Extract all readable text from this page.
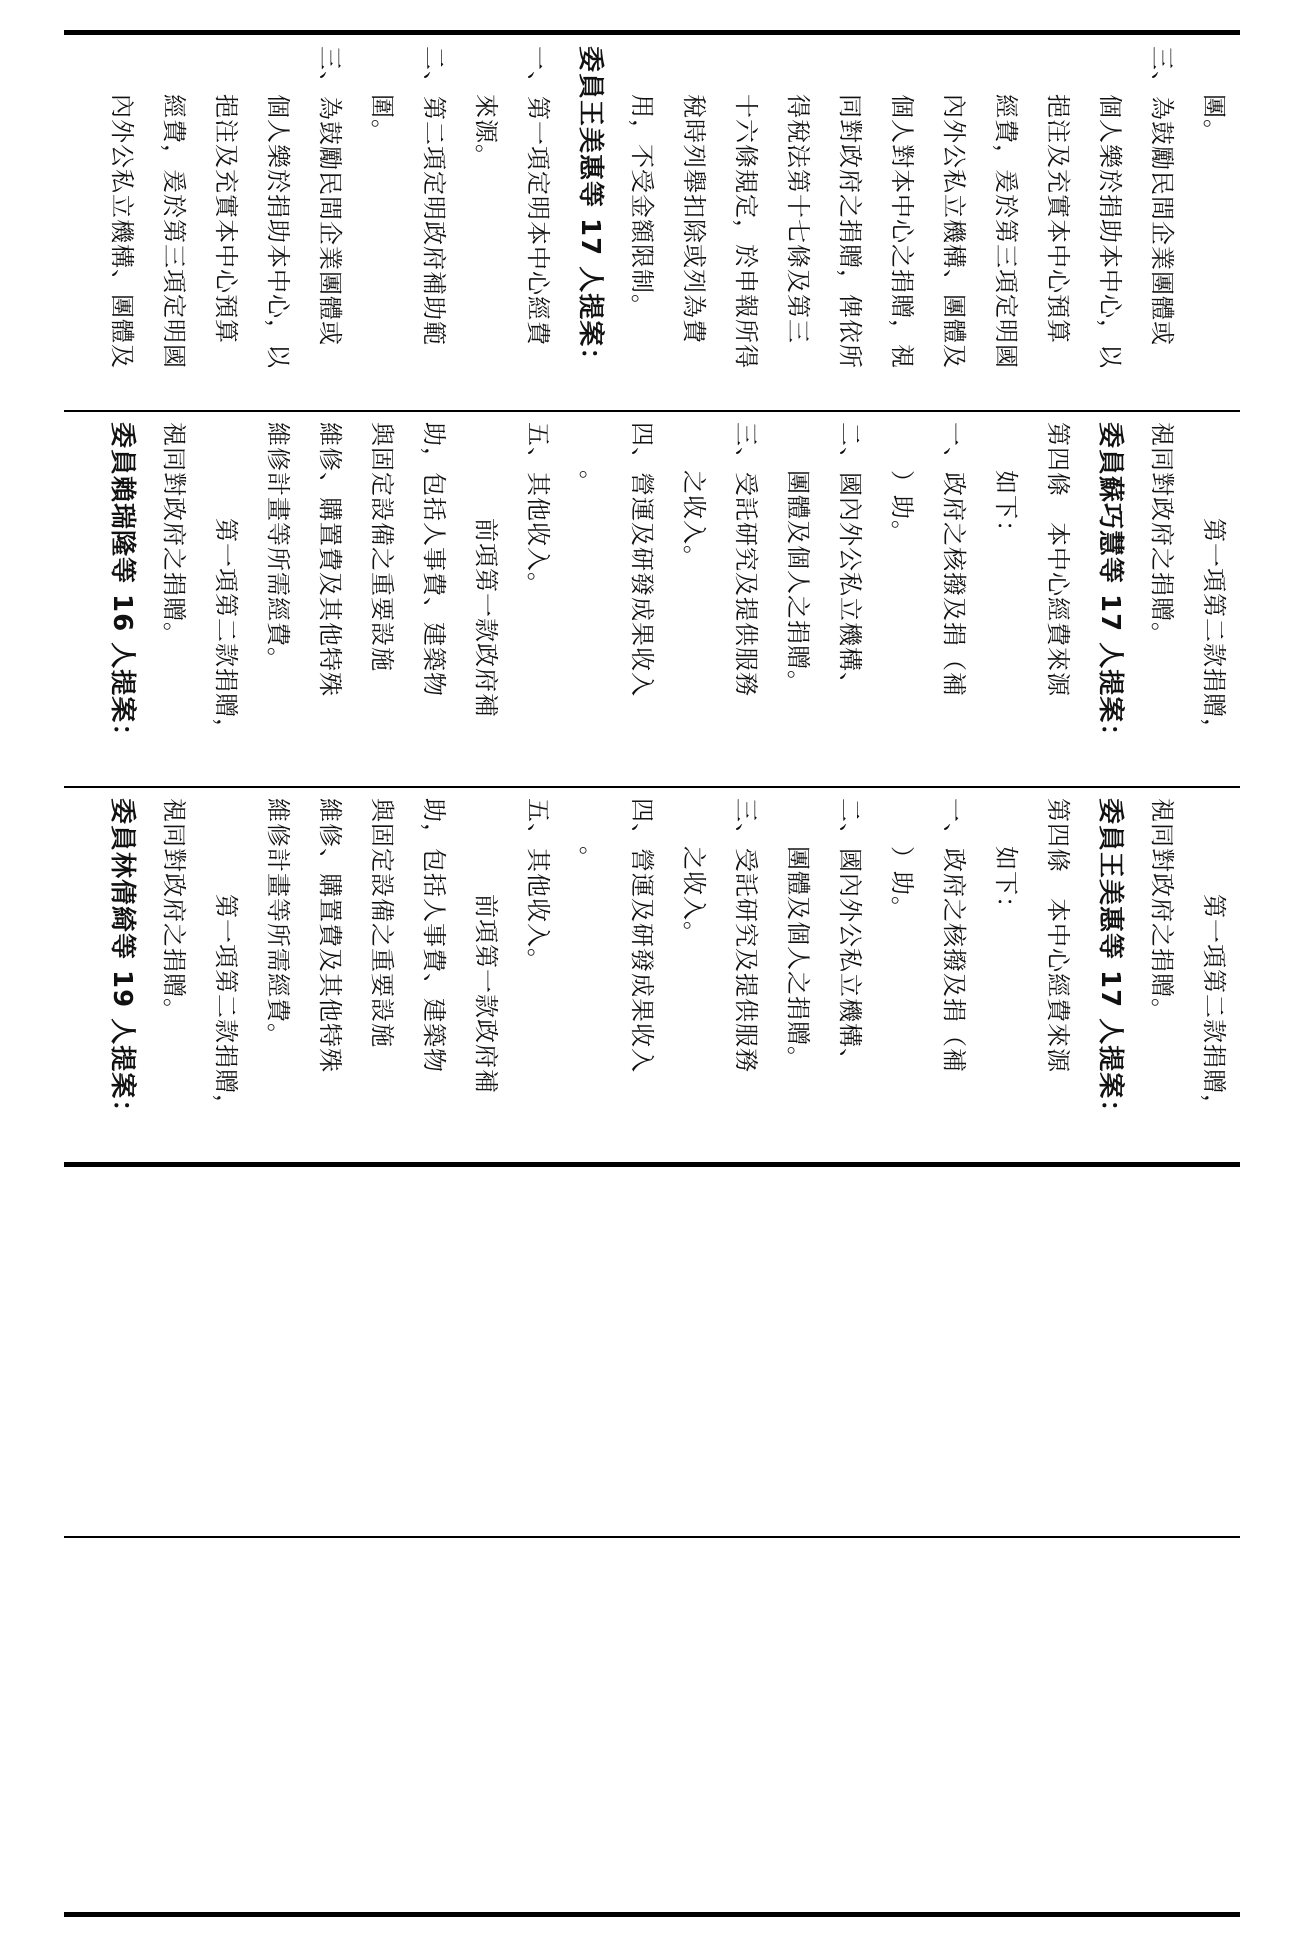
團。
三、為鼓勵民間企業團體或
個人樂於捐助本中心，以
挹注及充實本中心預算
經費，爰於第三項定明國
內外公私立機構、團體及
個人對本中心之捐贈，視
同對政府之捐贈，俾依所
得稅法第十七條及第三
十六條規定，於申報所得
稅時列舉扣除或列為費
用，不受金額限制。
委員王美惠等 17 人提案：
一、第一項定明本中心經費
來源。
二、第二項定明政府補助範
圍。
三、為鼓勵民間企業團體或
個人樂於捐助本中心，以
挹注及充實本中心預算
經費，爰於第三項定明國
內外公私立機構、團體及
第一項第二款捐贈，
視同對政府之捐贈。
委員蘇巧慧等 17 人提案：
第四條　本中心經費來源
如下：
一、政府之核撥及捐（補
）助。
二、國內外公私立機構、
團體及個人之捐贈。
三、受託研究及提供服務
之收入。
四、營運及研發成果收入
。
五、其他收入。
前項第一款政府補
助，包括人事費、建築物
與固定設備之重要設施
維修、購置費及其他特殊
維修計畫等所需經費。
第一項第二款捐贈，
視同對政府之捐贈。
委員賴瑞隆等 16 人提案：
第一項第二款捐贈，
視同對政府之捐贈。
委員王美惠等 17 人提案：
第四條　本中心經費來源
如下：
一、政府之核撥及捐（補
）助。
二、國內外公私立機構、
團體及個人之捐贈。
三、受託研究及提供服務
之收入。
四、營運及研發成果收入
。
五、其他收入。
前項第一款政府補
助，包括人事費、建築物
與固定設備之重要設施
維修、購置費及其他特殊
維修計畫等所需經費。
第一項第二款捐贈，
視同對政府之捐贈。
委員林倩綺等 19 人提案：
